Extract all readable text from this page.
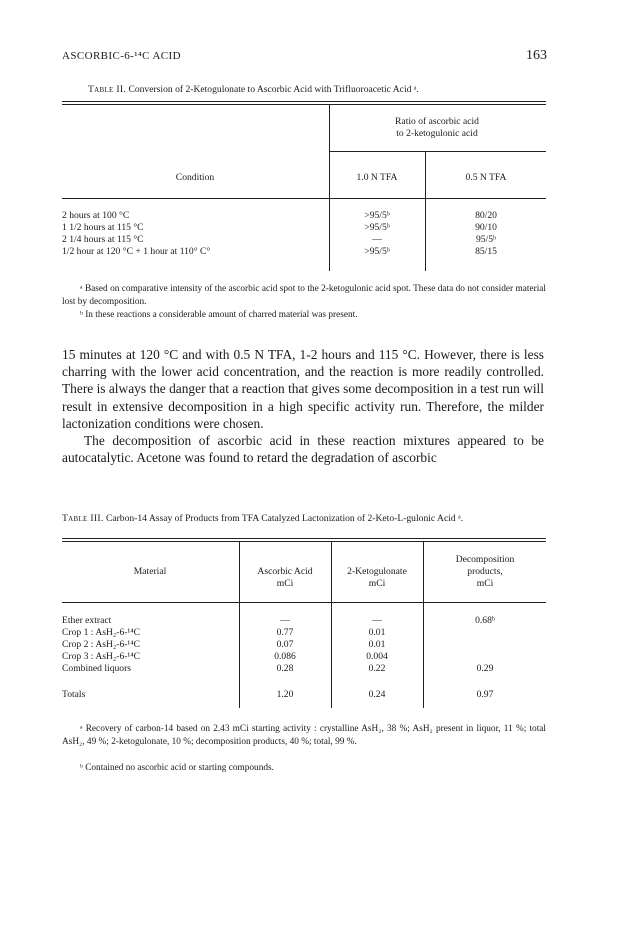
ASCORBIC-6-¹⁴C ACID	163
Table II. Conversion of 2-Ketogulonate to Ascorbic Acid with Trifluoroacetic Acid ᵃ.
Ratio of ascorbic acid
to 2-ketogulonic acid
Condition	1.0 N TFA	0.5 N TFA
2 hours at 100 °C	>95/5ᵇ	80/20
1 1/2 hours at 115 °C	>95/5ᵇ	90/10
2 1/4 hours at 115 °C	—	95/5ᵇ
1/2 hour at 120 °C + 1 hour at 110° C°	>95/5ᵇ	85/15
ᵃ Based on comparative intensity of the ascorbic acid spot to the 2-ketogulonic acid spot. These data do not consider material lost by decomposition.
ᵇ In these reactions a considerable amount of charred material was present.

15 minutes at 120 °C and with 0.5 N TFA, 1-2 hours and 115 °C. However, there is less charring with the lower acid concentration, and the reaction is more readily controlled. There is always the danger that a reaction that gives some decomposition in a test run will result in extensive decomposition in a high specific activity run. Therefore, the milder lactonization conditions were chosen.

The decomposition of ascorbic acid in these reaction mixtures appeared to be autocatalytic. Acetone was found to retard the degradation of ascorbic

Table III. Carbon-14 Assay of Products from TFA Catalyzed Lactonization of 2-Keto-L-gulonic Acid ᵃ.
Material	Ascorbic Acid
mCi
2-Ketogulonate
mCi
Decomposition
products,
mCi
Ether extract	—	—	0.68ᵇ
Crop 1 : AsH₂-6-¹⁴C	0.77	0.01
Crop 2 : AsH₂-6-¹⁴C	0.07	0.01
Crop 3 : AsH₂-6-¹⁴C	0.086	0.004
Combined liquors	0.28	0.22	0.29
Totals	1.20	0.24	0.97
ᵃ Recovery of carbon-14 based on 2.43 mCi starting activity : crystalline AsH₂, 38 %; AsH₂ present in liquor, 11 %; total AsH₂, 49 %; 2-ketogulonate, 10 %; decomposition products, 40 %; total, 99 %.
ᵇ Contained no ascorbic acid or starting compounds.
